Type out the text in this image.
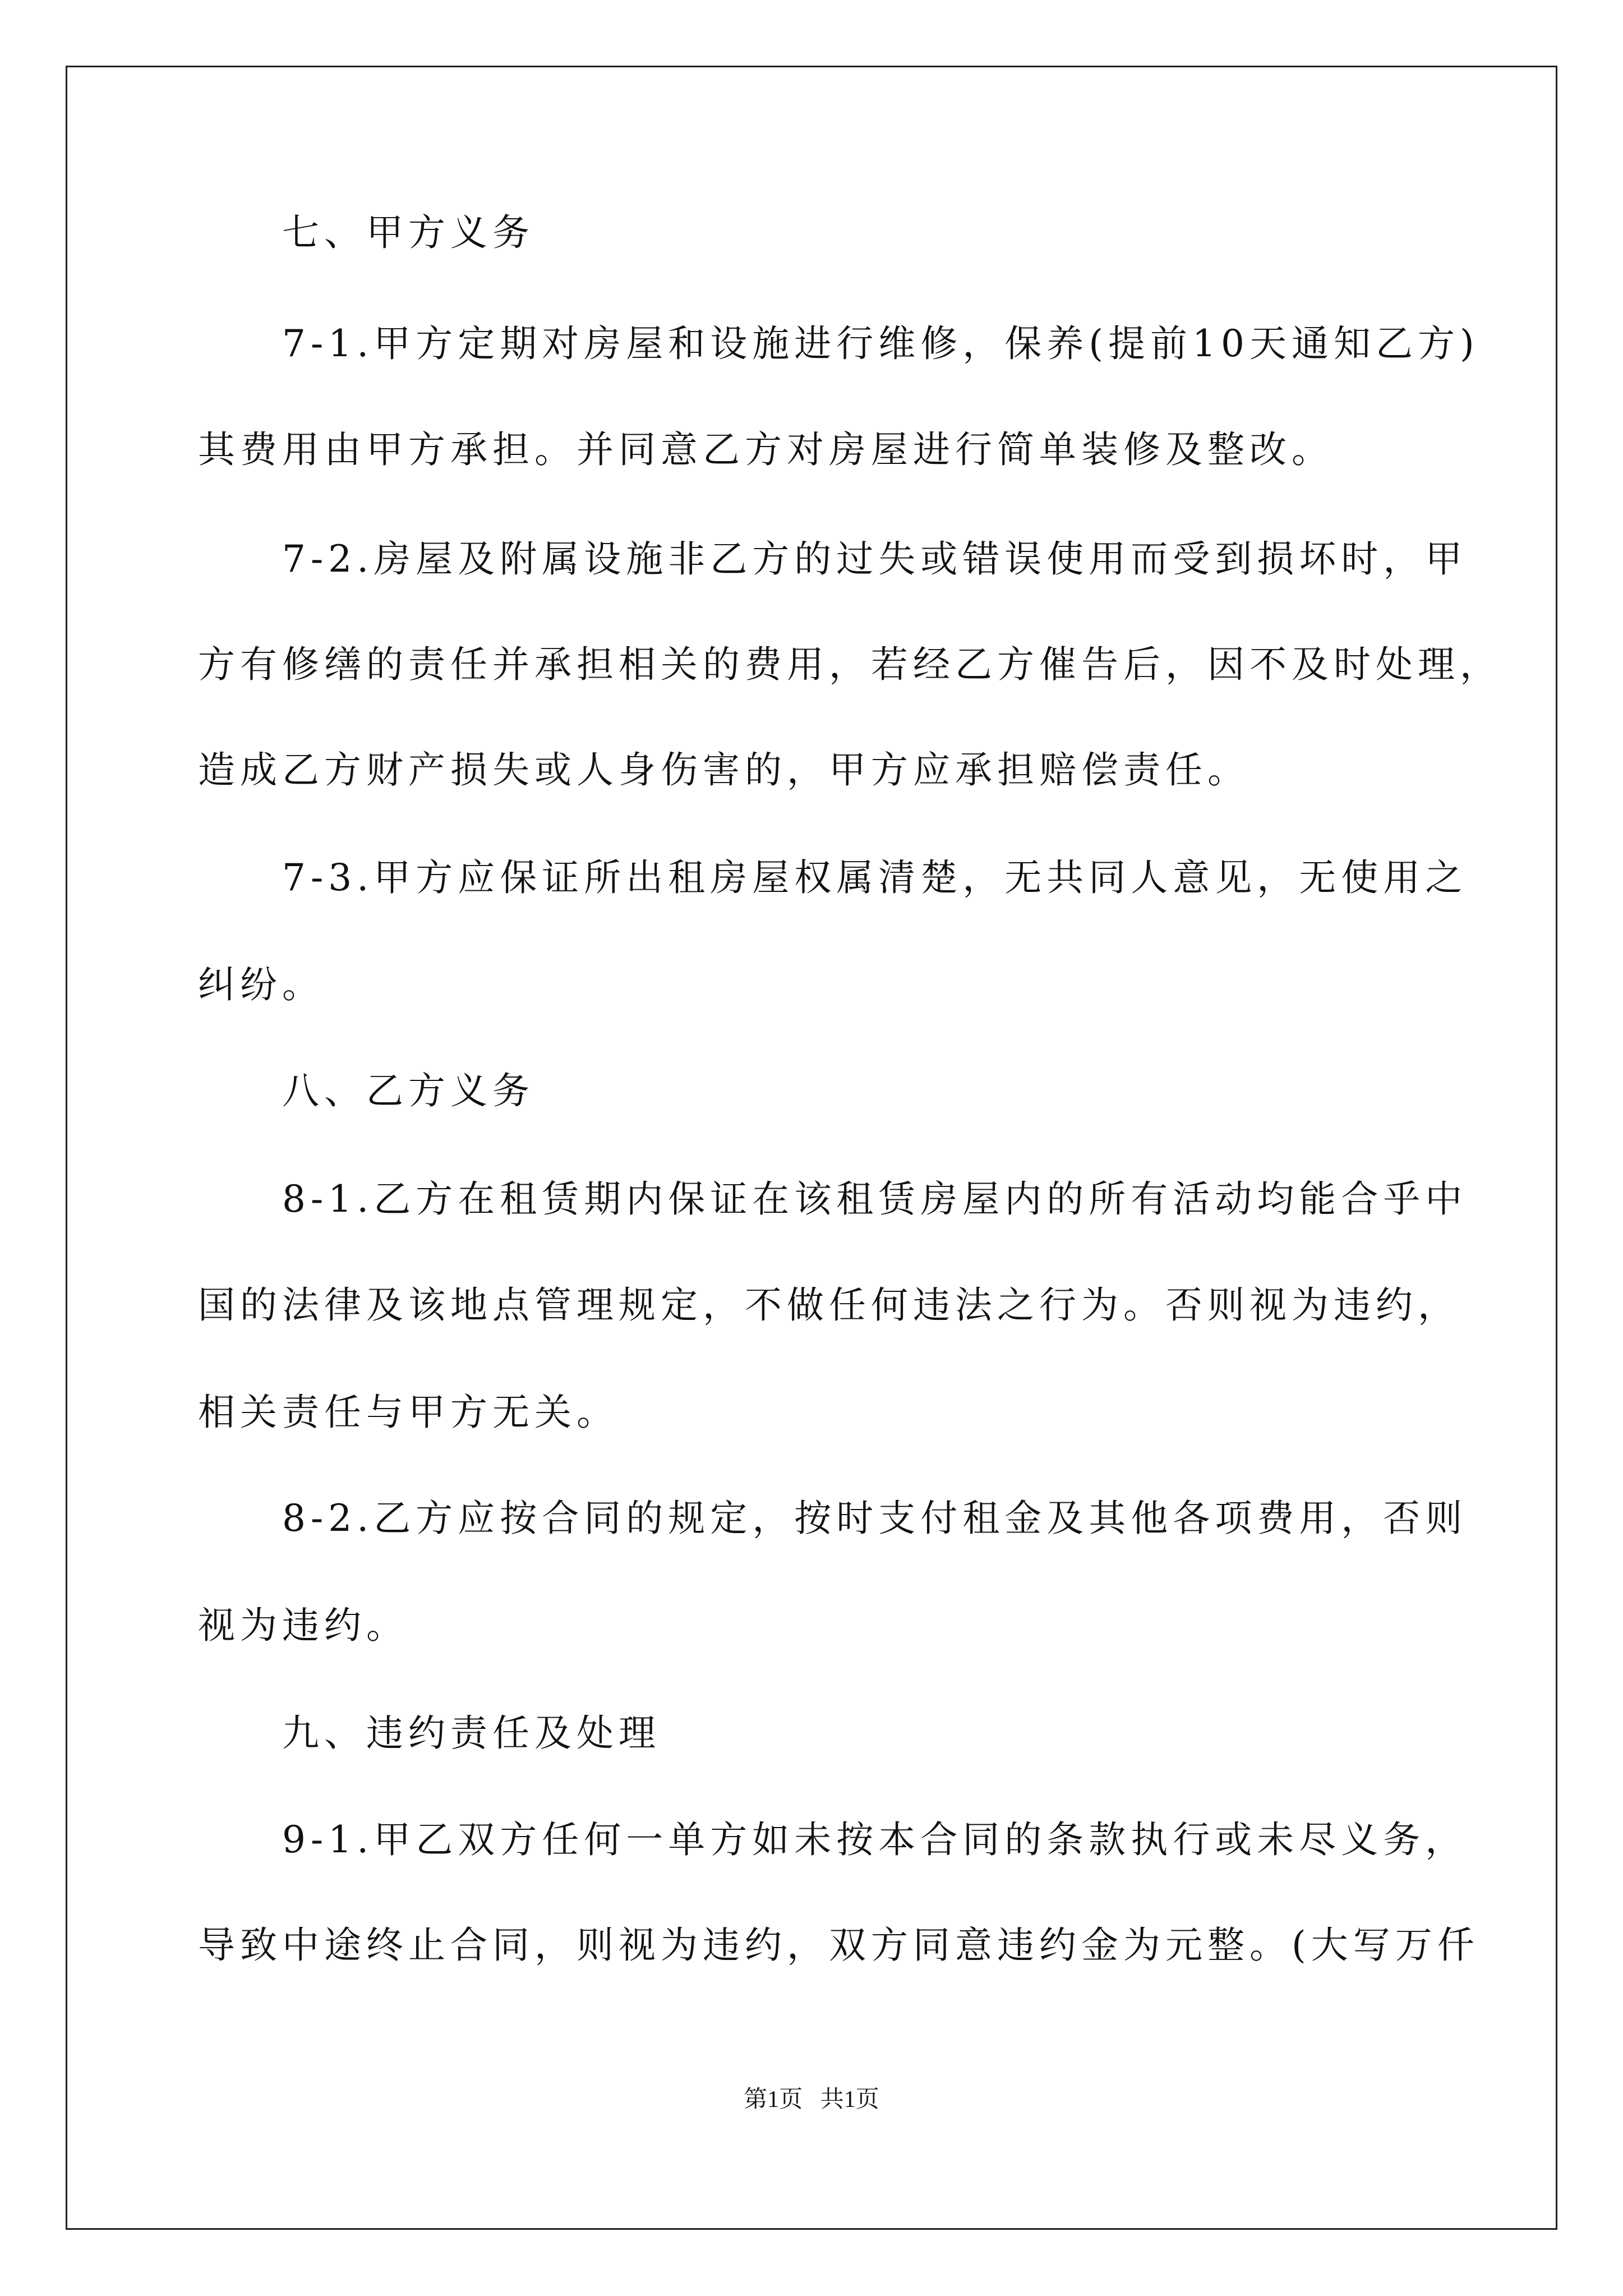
七、甲方义务
7-1.甲方定期对房屋和设施进行维修，保养(提前10天通知乙方)
其费用由甲方承担。并同意乙方对房屋进行简单装修及整改。
7-2.房屋及附属设施非乙方的过失或错误使用而受到损坏时，甲
方有修缮的责任并承担相关的费用，若经乙方催告后，因不及时处理，
造成乙方财产损失或人身伤害的，甲方应承担赔偿责任。
7-3.甲方应保证所出租房屋权属清楚，无共同人意见，无使用之
纠纷。
八、乙方义务
8-1.乙方在租赁期内保证在该租赁房屋内的所有活动均能合乎中
国的法律及该地点管理规定，不做任何违法之行为。否则视为违约，
相关责任与甲方无关。
8-2.乙方应按合同的规定，按时支付租金及其他各项费用，否则
视为违约。
九、违约责任及处理
9-1.甲乙双方任何一单方如未按本合同的条款执行或未尽义务，
导致中途终止合同，则视为违约，双方同意违约金为元整。(大写万仟
第1页   共1页
